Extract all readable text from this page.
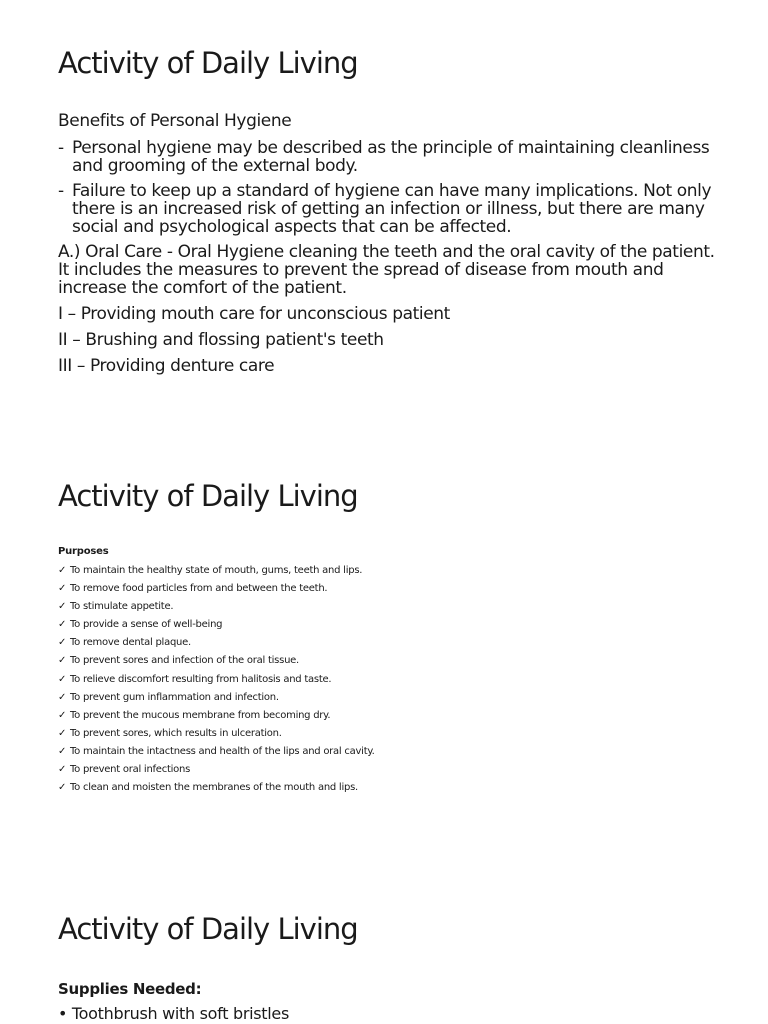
Activity of Daily Living

Benefits of Personal Hygiene

- Personal hygiene may be described as the principle of maintaining cleanliness and grooming of the external body.
- Failure to keep up a standard of hygiene can have many implications. Not only there is an increased risk of getting an infection or illness, but there are many social and psychological aspects that can be affected.

A.) Oral Care - Oral Hygiene cleaning the teeth and the oral cavity of the patient. It includes the measures to prevent the spread of disease from mouth and increase the comfort of the patient.

I – Providing mouth care for unconscious patient
II – Brushing and flossing patient's teeth
III – Providing denture care
Activity of Daily Living

Purposes

✓ To maintain the healthy state of mouth, gums, teeth and lips.
✓ To remove food particles from and between the teeth.
✓ To stimulate appetite.
✓ To provide a sense of well-being
✓ To remove dental plaque.
✓ To prevent sores and infection of the oral tissue.
✓ To relieve discomfort resulting from halitosis and taste.
✓ To prevent gum inflammation and infection.
✓ To prevent the mucous membrane from becoming dry.
✓ To prevent sores, which results in ulceration.
✓ To maintain the intactness and health of the lips and oral cavity.
✓ To prevent oral infections
✓ To clean and moisten the membranes of the mouth and lips.
Activity of Daily Living

Supplies Needed:

• Toothbrush with soft bristles
